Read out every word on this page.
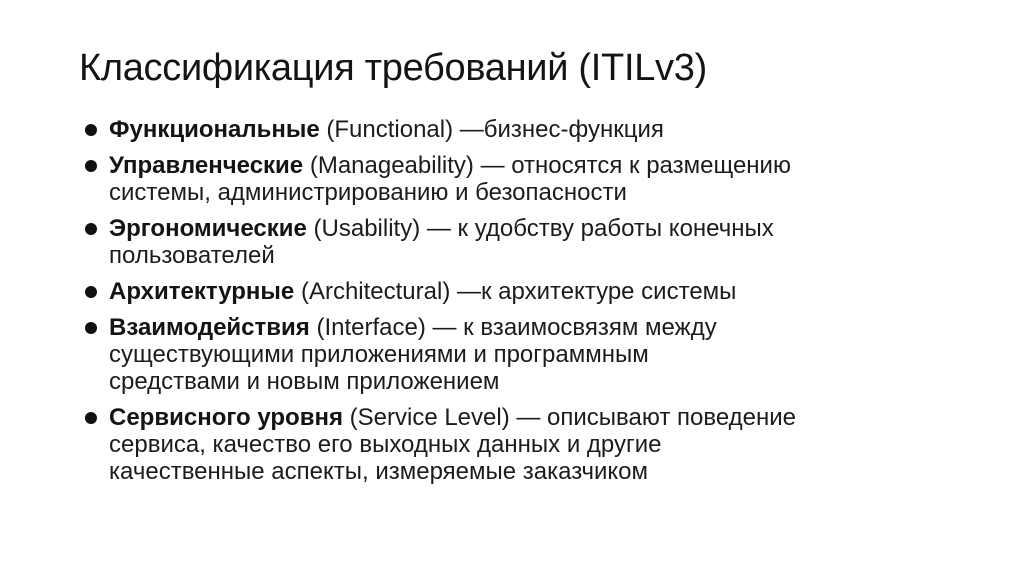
Классификация требований (ITILv3)
Функциональные (Functional) —бизнес-функция
Управленческие (Manageability) — относятся к размещению
системы, администрированию и безопасности
Эргономические (Usability) — к удобству работы конечных
пользователей
Архитектурные (Architectural) —к архитектуре системы
Взаимодействия (Interface) — к взаимосвязям между
существующими приложениями и программным
средствами и новым приложением
Сервисного уровня (Service Level) — описывают поведение
сервиса, качество его выходных данных и другие
качественные аспекты, измеряемые заказчиком
